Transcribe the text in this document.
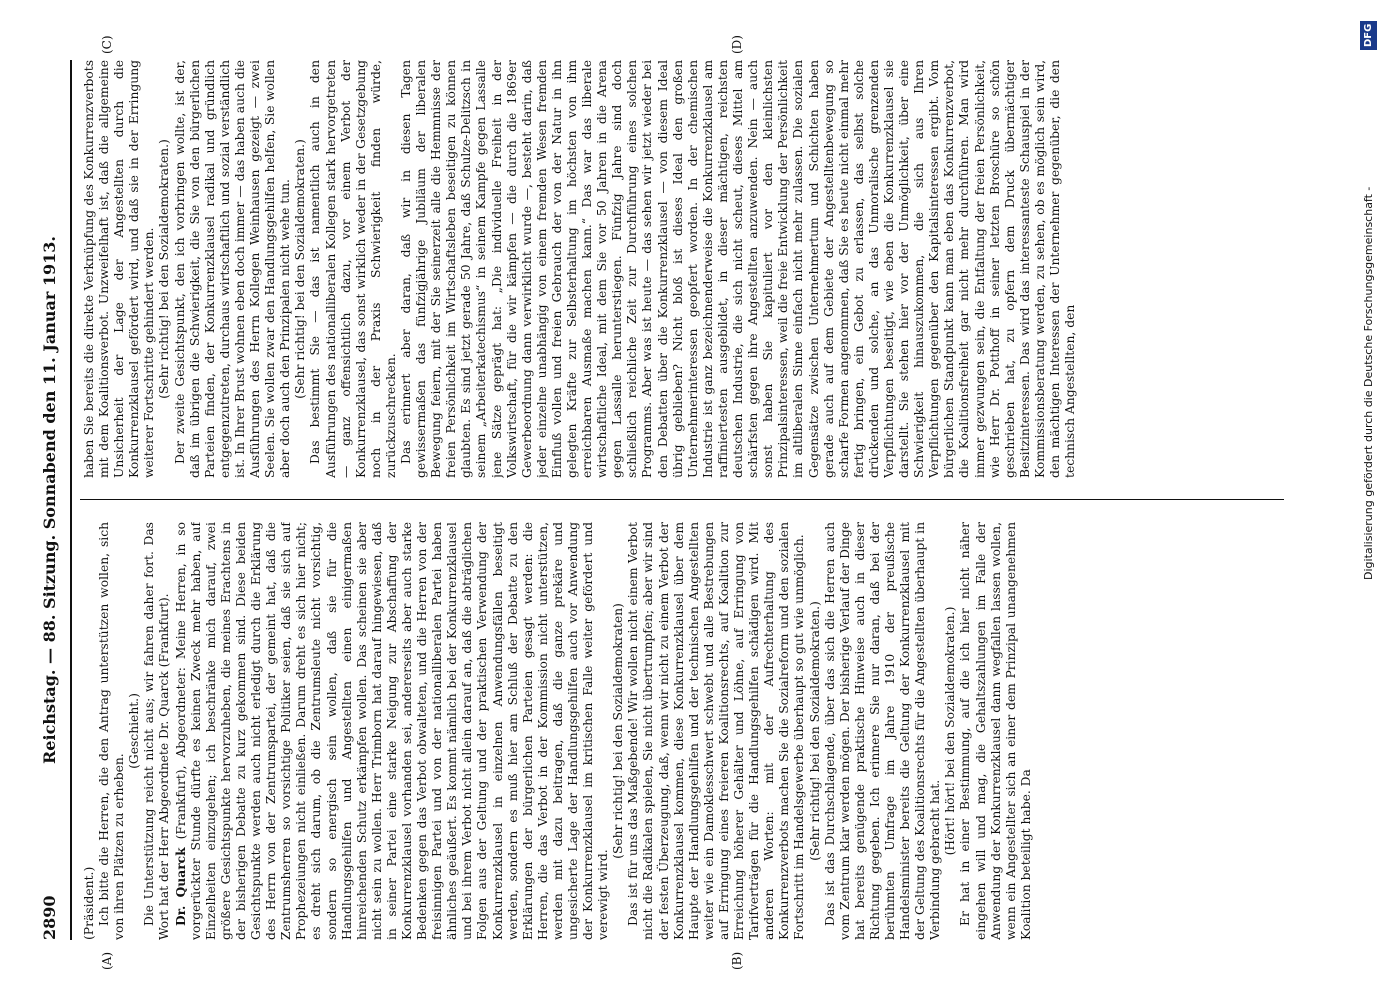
2890
Reichstag. — 88. Sitzung. Sonnabend den 11. Januar 1913.
(A)	(B)
(C)	(D)

(Präsident.) Ich bitte die Herren, die den Antrag unterstützen wollen, sich von ihren Plätzen zu erheben.

(Geschieht.) Die Unterstützung reicht nicht aus; wir fahren daher fort. Das Wort hat der Herr Abgeordnete Dr. Quarck (Frankfurt). Dr. Quarck (Frankfurt), Abgeordneter: Meine Herren, in so vorgerückter Stunde dürfte es keinen Zweck mehr haben, auf Einzelheiten einzugehen; ich beschränke mich darauf, zwei größere Gesichtspunkte hervorzuheben, die meines Erachtens in der bisherigen Debatte zu kurz gekommen sind. Diese beiden Gesichtspunkte werden auch nicht erledigt durch die Erklärung des Herrn von der Zentrumspartei, der gemeint hat, daß die Zentrumsherren so vorsichtige Politiker seien, daß sie sich auf Prophezeiungen nicht einließen. Darum dreht es sich hier nicht; es dreht sich darum, ob die Zentrumsleute nicht vorsichtig, sondern so energisch sein wollen, daß sie für die Handlungsgehilfen und Angestellten einen einigermaßen hinreichenden Schutz erkämpfen wollen. Das scheinen sie aber nicht sein zu wollen. Herr Trimborn hat darauf hingewiesen, daß in seiner Partei eine starke Neigung zur Abschaffung der Konkurrenzklausel vorhanden sei, andererseits aber auch starke Bedenken gegen das Verbot obwalteten, und die Herren von der freisinnigen Partei und von der nationalliberalen Partei haben ähnliches geäußert. Es kommt nämlich bei der Konkurrenzklausel und bei ihrem Verbot nicht allein darauf an, daß die abträglichen Folgen aus der Geltung und der praktischen Verwendung der Konkurrenzklausel in einzelnen Anwendungsfällen beseitigt werden, sondern es muß hier am Schluß der Debatte zu den Erklärungen der bürgerlichen Parteien gesagt werden: die Herren, die das Verbot in der Kommission nicht unterstützen, werden mit dazu beitragen, daß die ganze prekäre und ungesicherte Lage der Handlungsgehilfen auch vor Anwendung der Konkurrenzklausel im kritischen Falle weiter gefördert und verewigt wird.

(Sehr richtig! bei den Sozialdemokraten) Das ist für uns das Maßgebende! Wir wollen nicht einem Verbot nicht die Radikalen spielen, Sie nicht übertrumpfen; aber wir sind der festen Überzeugung, daß, wenn wir nicht zu einem Verbot der Konkurrenzklausel kommen, diese Konkurrenzklausel über dem Haupte der Handlungsgehilfen und der technischen Angestellten weiter wie ein Damoklesschwert schwebt und alle Bestrebungen auf Erringung eines freieren Koalitionsrechts, auf Koalition zur Erreichung höherer Gehälter und Löhne, auf Erringung von Tarifverträgen für die Handlungsgehilfen schädigen wird. Mit anderen Worten: mit der Aufrechterhaltung des Konkurrenzverbots machen Sie die Sozialreform und den sozialen Fortschritt im Handelsgewerbe überhaupt so gut wie unmöglich. (Sehr richtig! bei den Sozialdemokraten.) Das ist das Durchschlagende, über das sich die Herren auch vom Zentrum klar werden mögen. Der bisherige Verlauf der Dinge hat bereits genügende praktische Hinweise auch in dieser Richtung gegeben. Ich erinnere Sie nur daran, daß bei der berühmten Umfrage im Jahre 1910 der preußische Handelsminister bereits die Geltung der Konkurrenzklausel mit der Geltung des Koalitionsrechts für die Angestellten überhaupt in Verbindung gebracht hat.

(Hört! hört! bei den Sozialdemokraten.) Er hat in einer Bestimmung, auf die ich hier nicht näher eingehen will und mag, die Gehaltszahlungen im Falle der Anwendung der Konkurrenzklausel dann wegfallen lassen wollen, wenn ein Angestellter sich an einer dem Prinzipal unangenehmen Koalition beteiligt habe. Da

haben Sie bereits die direkte Verknüpfung des Konkurrenzverbots mit dem Koalitionsverbot. Unzweifelhaft ist, daß die allgemeine Unsicherheit der Lage der Angestellten durch die Konkurrenzklausel gefördert wird, und daß sie in der Erringung weiterer Fortschritte gehindert werden. (Sehr richtig! bei den Sozialdemokraten.) Der zweite Gesichtspunkt, den ich vorbringen wollte, ist der, daß im übrigen die Schwierigkeit, die Sie von den bürgerlichen Parteien finden, der Konkurrenzklausel radikal und gründlich entgegenzutreten, durchaus wirtschaftlich und sozial verständlich ist. In Ihrer Brust wohnen eben doch immer — das haben auch die Ausführungen des Herrn Kollegen Weinhausen gezeigt — zwei Seelen. Sie wollen zwar den Handlungsgehilfen helfen, Sie wollen aber doch auch den Prinzipalen nicht wehe tun. (Sehr richtig! bei den Sozialdemokraten.) Das bestimmt Sie — das ist namentlich auch in den Ausführungen des nationalliberalen Kollegen stark hervorgetreten — ganz offensichtlich dazu, vor einem Verbot der Konkurrenzklausel, das sonst wirklich weder in der Gesetzgebung noch in der Praxis Schwierigkeit finden würde, zurückzuschrecken. Das erinnert aber daran, daß wir in diesen Tagen gewissermaßen das fünfzigjährige Jubiläum der liberalen Bewegung feiern, mit der Sie seinerzeit alle die Hemmnisse der freien Persönlichkeit im Wirtschaftsleben beseitigen zu können glaubten. Es sind jetzt gerade 50 Jahre, daß Schulze-Delitzsch in seinem „Arbeiterkatechismus“ in seinem Kampfe gegen Lassalle jene Sätze geprägt hat: „Die individuelle Freiheit in der Volkswirtschaft, für die wir kämpfen — die durch die 1869er Gewerbeordnung dann verwirklicht wurde —, besteht darin, daß jeder einzelne unabhängig von einem fremden Wesen fremden Einfluß vollen und freien Gebrauch der von der Natur in ihn gelegten Kräfte zur Selbsterhaltung im höchsten von ihm erreichbaren Ausmaße machen kann.“ Das war das liberale wirtschaftliche Ideal, mit dem Sie vor 50 Jahren in die Arena gegen Lassalle herunterstiegen. Fünfzig Jahre sind doch schließlich reichliche Zeit zur Durchführung eines solchen Programms. Aber was ist heute — das sehen wir jetzt wieder bei den Debatten über die Konkurrenzklausel — von diesem Ideal übrig geblieben? Nicht bloß ist dieses Ideal den großen Unternehmerinteressen geopfert worden. In der chemischen Industrie ist ganz bezeichnenderweise die Konkurrenzklausel am raffiniertesten ausgebildet, in dieser mächtigen, reichsten deutschen Industrie, die sich nicht scheut, dieses Mittel am schärfsten gegen ihre Angestellten anzuwenden. Nein — auch sonst haben Sie kapituliert vor den kleinlichsten Prinzipalsinteressen, weil die freie Entwicklung der Persönlichkeit im altliberalen Sinne einfach nicht mehr zulassen. Die sozialen Gegensätze zwischen Unternehmertum und Schichten haben gerade auch auf dem Gebiete der Angestelltenbewegung so scharfe Formen angenommen, daß Sie es heute nicht einmal mehr fertig bringen, ein Gebot zu erlassen, das selbst solche drückenden und solche, an das Unmoralische grenzenden Verpflichtungen beseitigt, wie eben die Konkurrenzklausel sie darstellt. Sie stehen hier vor der Unmöglichkeit, über eine Schwierigkeit hinauszukommen, die sich aus Ihren Verpflichtungen gegenüber den Kapitalsinteressen ergibt. Vom bürgerlichen Standpunkt kann man eben das Konkurrenzverbot, die Koalitionsfreiheit gar nicht mehr durchführen. Man wird immer gezwungen sein, die Entfaltung der freien Persönlichkeit, wie Herr Dr. Potthoff in seiner letzten Broschüre so schön geschrieben hat, zu opfern dem Druck übermächtiger Besitzinteressen. Das wird das interessanteste Schauspiel in der Kommissionsberatung werden, zu sehen, ob es möglich sein wird, den mächtigen Interessen der Unternehmer gegenüber, die den technisch Angestellten, den	Digitalisierung gefördert durch die Deutsche Forschungsgemeinschaft -
DFG
